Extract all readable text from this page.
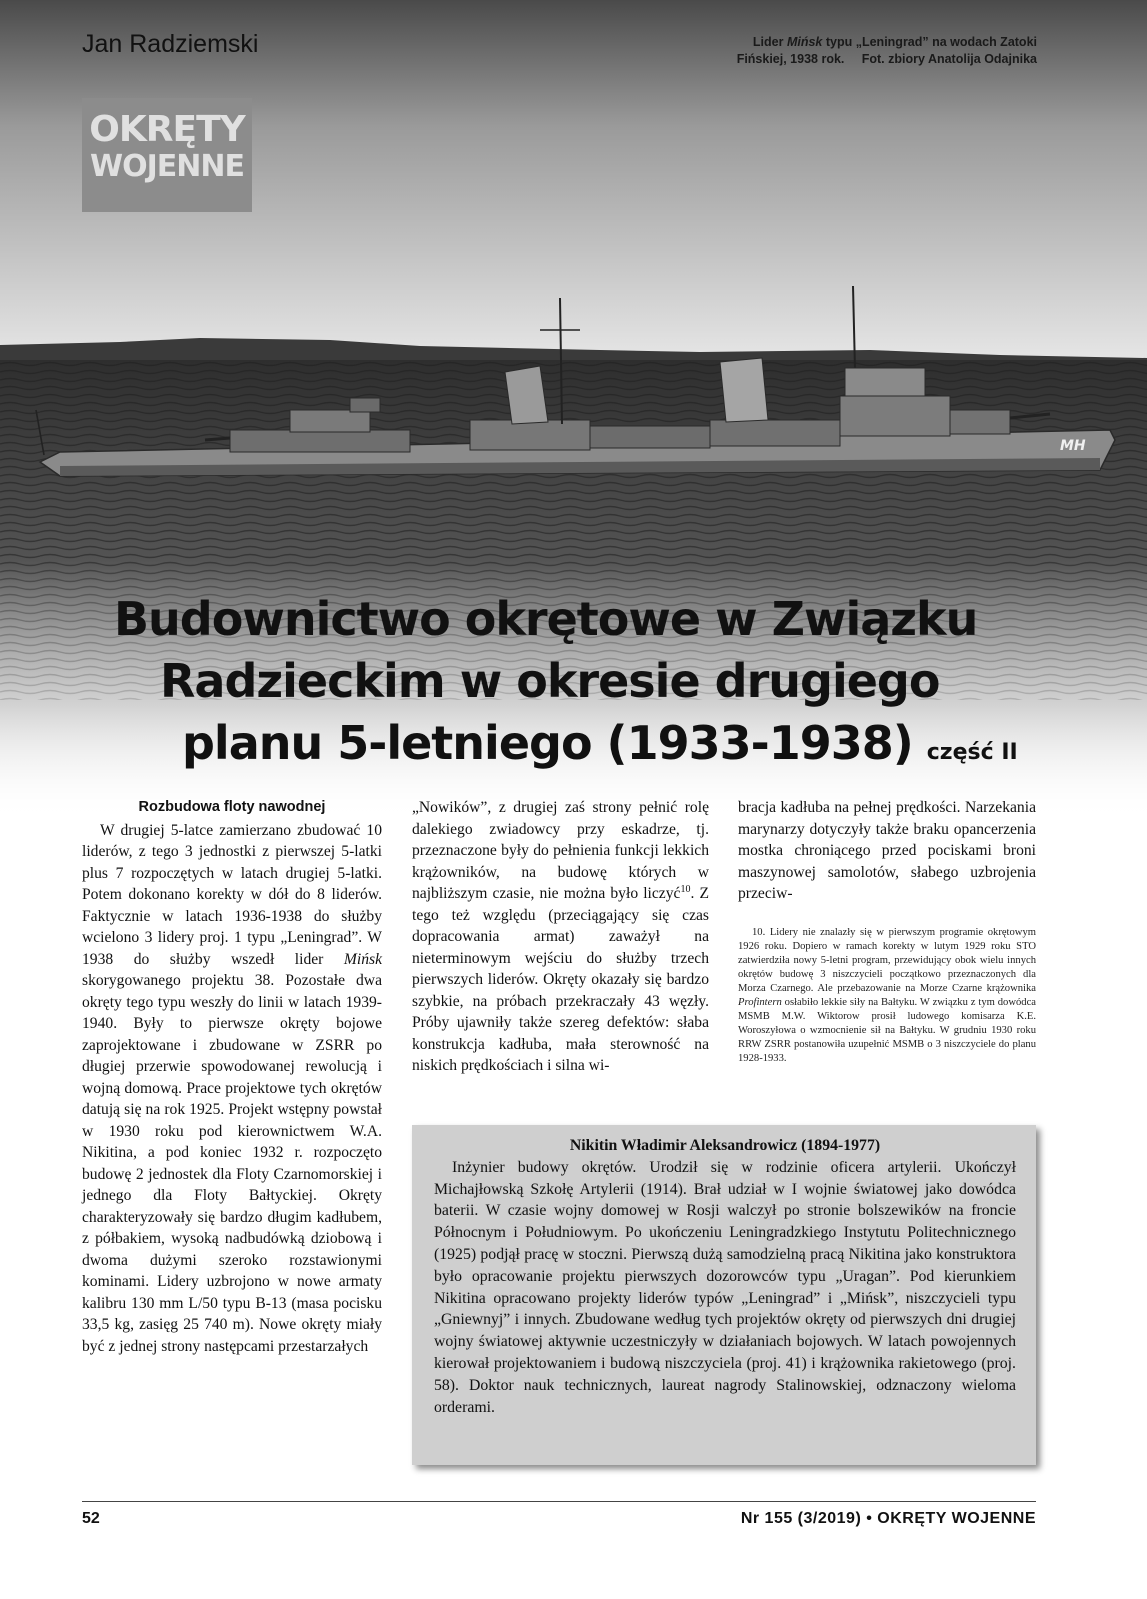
МН
Jan Radziemski	Lider Mińsk typu „Leningrad” na wodach Zatoki
Fińskiej, 1938 rok.     Fot. zbiory Anatolija Odajnika
OKRĘTY
WOJENNE
Budownictwo okrętowe w Związku
Radzieckim w okresie drugiego
planu 5-letniego (1933-1938) część II

Rozbudowa floty nawodnej

W drugiej 5-latce zamierzano zbudować 10 liderów, z tego 3 jednostki z pierwszej 5-latki plus 7 rozpoczętych w latach drugiej 5-latki. Potem dokonano korekty w dół do 8 liderów. Faktycznie w latach 1936-1938 do służby wcielono 3 lidery proj. 1 typu „Leningrad”. W 1938 do służby wszedł lider Mińsk skorygowanego projektu 38. Pozostałe dwa okręty tego typu weszły do linii w latach 1939-1940. Były to pierwsze okręty bojowe zaprojektowane i zbudowane w ZSRR po długiej przerwie spowodowanej rewolucją i wojną domową. Prace projektowe tych okrętów datują się na rok 1925. Projekt wstępny powstał w 1930 roku pod kierownictwem W.A. Nikitina, a pod koniec 1932 r. rozpoczęto budowę 2 jednostek dla Floty Czarnomorskiej i jednego dla Floty Bałtyckiej. Okręty charakteryzowały się bardzo długim kadłubem, z półbakiem, wysoką nadbudówką dziobową i dwoma dużymi szeroko rozstawionymi kominami. Lidery uzbrojono w nowe armaty kalibru 130 mm L/50 typu B-13 (masa pocisku 33,5 kg, zasięg 25 740 m). Nowe okręty miały być z jednej strony następcami przestarzałych

„Nowików”, z drugiej zaś strony pełnić rolę dalekiego zwiadowcy przy eskadrze, tj. przeznaczone były do pełnienia funkcji lekkich krążowników, na budowę których w najbliższym czasie, nie można było liczyć$^{10}$. Z tego też względu (przeciągający się czas dopracowania armat) zaważył na nieterminowym wejściu do służby trzech pierwszych liderów. Okręty okazały się bardzo szybkie, na próbach przekraczały 43 węzły. Próby ujawniły także szereg defektów: słaba konstrukcja kadłuba, mała sterowność na niskich prędkościach i silna wi-

bracja kadłuba na pełnej prędkości. Narzekania marynarzy dotyczyły także braku opancerzenia mostka chroniącego przed pociskami broni maszynowej samolotów, słabego uzbrojenia przeciw-

10. Lidery nie znalazły się w pierwszym programie okrętowym 1926 roku. Dopiero w ramach korekty w lutym 1929 roku STO zatwierdziła nowy 5-letni program, przewidujący obok wielu innych okrętów budowę 3 niszczycieli początkowo przeznaczonych dla Morza Czarnego. Ale przebazowanie na Morze Czarne krążownika Profintern osłabiło lekkie siły na Bałtyku. W związku z tym dowódca MSMB M.W. Wiktorow prosił ludowego komisarza K.E. Woroszyłowa o wzmocnienie sił na Bałtyku. W grudniu 1930 roku RRW ZSRR postanowiła uzupełnić MSMB o 3 niszczyciele do planu 1928-1933.

Nikitin Władimir Aleksandrowicz (1894-1977)

Inżynier budowy okrętów. Urodził się w rodzinie oficera artylerii. Ukończył Michajłowską Szkołę Artylerii (1914). Brał udział w I wojnie światowej jako dowódca baterii. W czasie wojny domowej w Rosji walczył po stronie bolszewików na froncie Północnym i Południowym. Po ukończeniu Leningradzkiego Instytutu Politechnicznego (1925) podjął pracę w stoczni. Pierwszą dużą samodzielną pracą Nikitina jako konstruktora było opracowanie projektu pierwszych dozorowców typu „Uragan”. Pod kierunkiem Nikitina opracowano projekty liderów typów „Leningrad” i „Mińsk”, niszczycieli typu „Gniewnyj” i innych. Zbudowane według tych projektów okręty od pierwszych dni drugiej wojny światowej aktywnie uczestniczyły w działaniach bojowych. W latach powojennych kierował projektowaniem i budową niszczyciela (proj. 41) i krążownika rakietowego (proj. 58). Doktor nauk technicznych, laureat nagrody Stalinowskiej, odznaczony wieloma orderami.

52	Nr 155 (3/2019) • OKRĘTY WOJENNE
